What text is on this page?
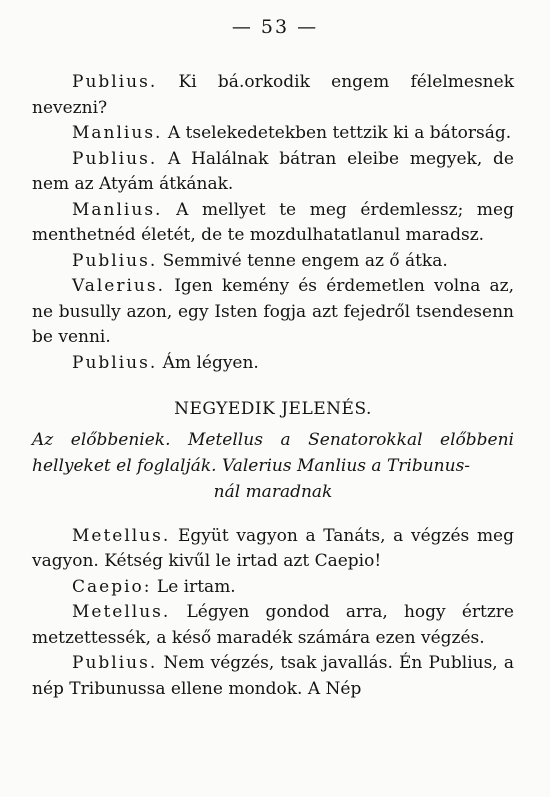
— 53 —

Publius. Ki bá.orkodik engem félelmesnek nevezni?

Manlius. A tselekedetekben tettzik ki a bátorság.

Publius. A Halálnak bátran eleibe megyek, de nem az Atyám átkának.

Manlius. A mellyet te meg érdemlessz; meg menthetnéd életét, de te mozdulhatatlanul maradsz.

Publius. Semmivé tenne engem az ő átka.

Valerius. Igen kemény és érdemetlen volna az, ne busully azon, egy Isten fogja azt fejedről tsendesenn be venni.

Publius. Ám légyen.

NEGYEDIK JELENÉS.

Az előbbeniek. Metellus a Senatorokkal előbbeni hellyeket el foglalják. Valerius Manlius a Tribunus-
nál maradnak

Metellus. Együt vagyon a Tanáts, a végzés meg vagyon. Kétség kivűl le irtad azt Caepio!

Caepio: Le irtam.

Metellus. Légyen gondod arra, hogy értzre metzettessék, a késő maradék számára ezen végzés.

Publius. Nem végzés, tsak javallás. Én Publius, a nép Tribunussa ellene mondok. A Nép
